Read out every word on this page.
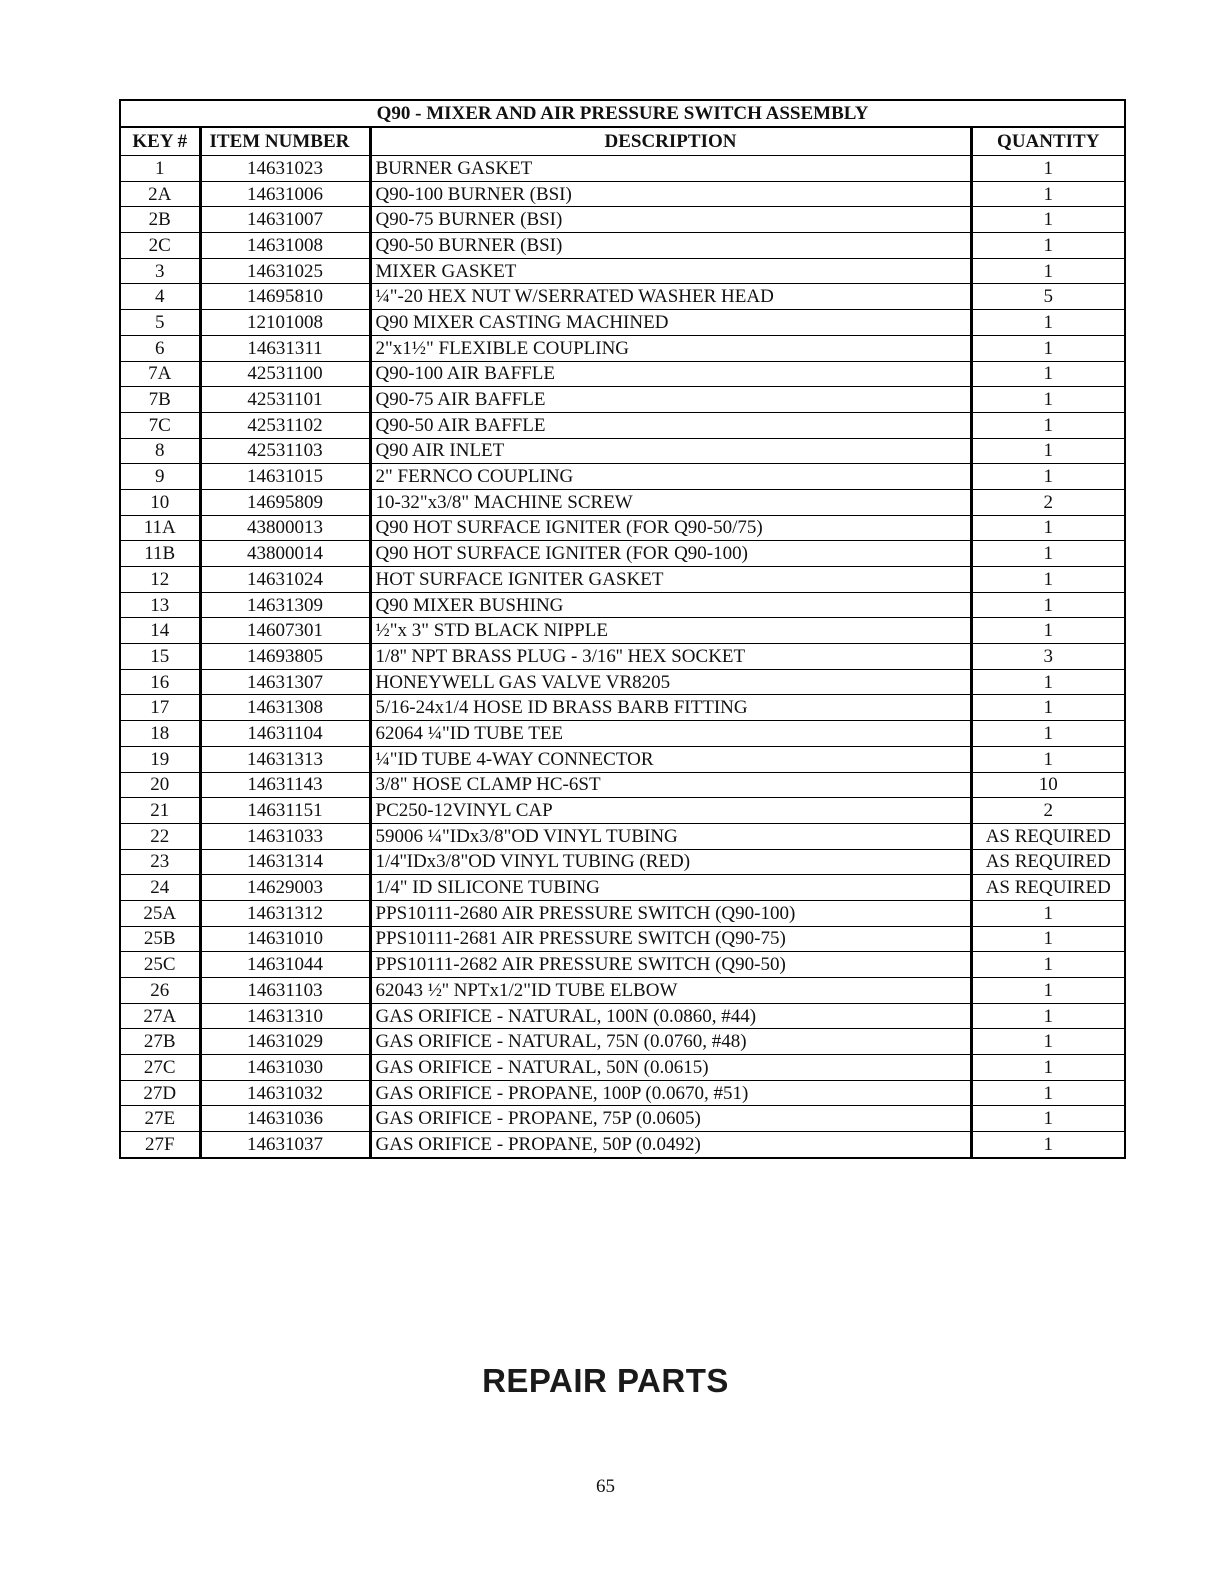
Q90 - MIXER AND AIR PRESSURE SWITCH ASSEMBLY			
KEY #	ITEM NUMBER	DESCRIPTION	QUANTITY
1	14631023	BURNER GASKET	1
2A	14631006	Q90-100 BURNER (BSI)	1
2B	14631007	Q90-75 BURNER (BSI)	1
2C	14631008	Q90-50 BURNER (BSI)	1
3	14631025	MIXER GASKET	1
4	14695810	¼"-20 HEX NUT W/SERRATED WASHER HEAD	5
5	12101008	Q90 MIXER CASTING MACHINED	1
6	14631311	2"x1½" FLEXIBLE COUPLING	1
7A	42531100	Q90-100 AIR BAFFLE	1
7B	42531101	Q90-75 AIR BAFFLE	1
7C	42531102	Q90-50 AIR BAFFLE	1
8	42531103	Q90 AIR INLET	1
9	14631015	2" FERNCO COUPLING	1
10	14695809	10-32"x3/8" MACHINE SCREW	2
11A	43800013	Q90 HOT SURFACE IGNITER (FOR Q90-50/75)	1
11B	43800014	Q90 HOT SURFACE IGNITER (FOR Q90-100)	1
12	14631024	HOT SURFACE IGNITER GASKET	1
13	14631309	Q90 MIXER BUSHING	1
14	14607301	½"x 3" STD BLACK NIPPLE	1
15	14693805	1/8'' NPT BRASS PLUG - 3/16'' HEX SOCKET	3
16	14631307	HONEYWELL GAS VALVE VR8205	1
17	14631308	5/16-24x1/4 HOSE ID BRASS BARB FITTING	1
18	14631104	62064 ¼"ID TUBE TEE	1
19	14631313	¼"ID TUBE 4-WAY CONNECTOR	1
20	14631143	3/8" HOSE CLAMP HC-6ST	10
21	14631151	PC250-12VINYL CAP	2
22	14631033	59006 ¼"IDx3/8"OD VINYL TUBING	AS REQUIRED
23	14631314	1/4''IDx3/8"OD VINYL TUBING (RED)	AS REQUIRED
24	14629003	1/4" ID SILICONE TUBING	AS REQUIRED
25A	14631312	PPS10111-2680 AIR PRESSURE SWITCH (Q90-100)	1
25B	14631010	PPS10111-2681 AIR PRESSURE SWITCH (Q90-75)	1
25C	14631044	PPS10111-2682 AIR PRESSURE SWITCH (Q90-50)	1
26	14631103	62043 ½'' NPTx1/2"ID TUBE ELBOW	1
27A	14631310	GAS ORIFICE - NATURAL, 100N (0.0860, #44)	1
27B	14631029	GAS ORIFICE - NATURAL, 75N (0.0760, #48)	1
27C	14631030	GAS ORIFICE - NATURAL, 50N (0.0615)	1
27D	14631032	GAS ORIFICE - PROPANE, 100P (0.0670, #51)	1
27E	14631036	GAS ORIFICE - PROPANE, 75P (0.0605)	1
27F	14631037	GAS ORIFICE - PROPANE, 50P (0.0492)	1
REPAIR PARTS
65
